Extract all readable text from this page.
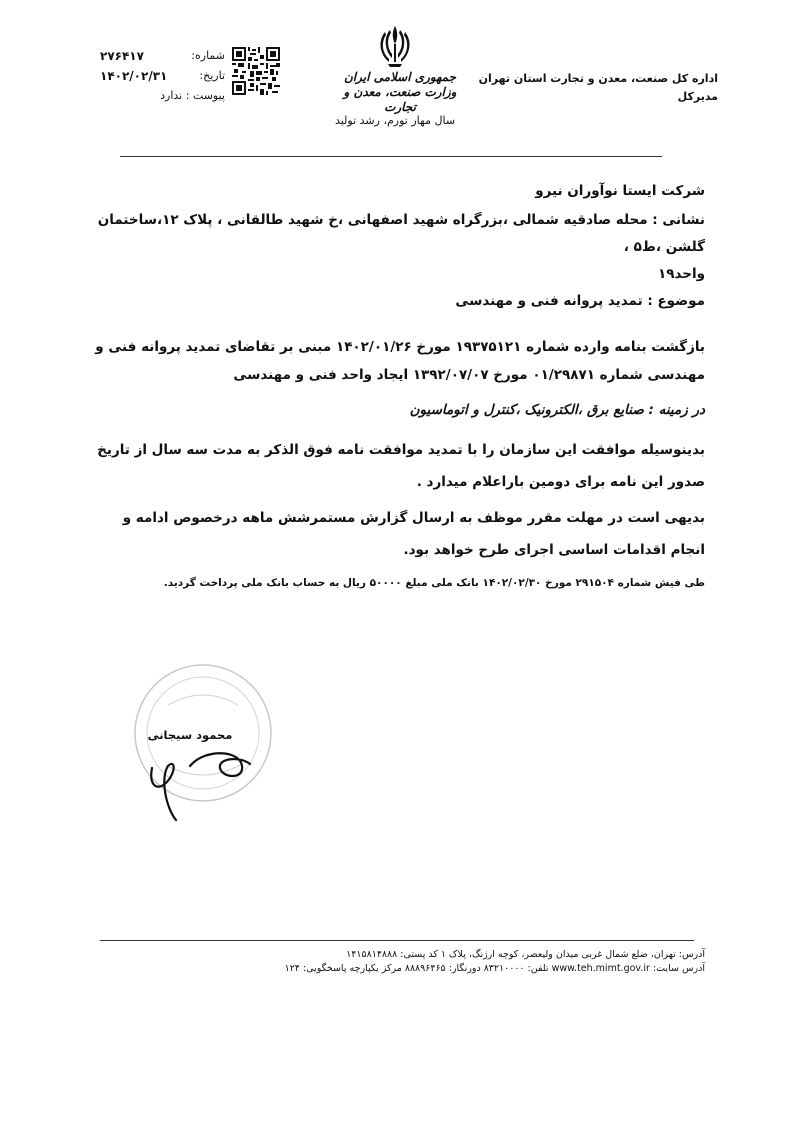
اداره کل صنعت، معدن و تجارت استان تهران
مدیرکل
جمهوری اسلامی ایران
وزارت صنعت، معدن و تجارت
سال مهار تورم، رشد تولید
شماره:
۲۷۶۴۱۷
تاریخ:
۱۴۰۲/۰۲/۳۱
پیوست : ندارد

شرکت ایستا نوآوران نیرو

نشانی : محله صادقیه شمالی ،بزرگراه شهید اصفهانی ،خ شهید طالقانی ، پلاک ۱۲،ساختمان گلشن ،ط۵ ،

واحد۱۹

موضوع : تمدید پروانه فنی و مهندسی

بازگشت بنامه وارده شماره ۱۹۳۷۵۱۲۱ مورخ ۱۴۰۲/۰۱/۲۶ مبنی بر تقاضای تمدید پروانه فنی و مهندسی شماره ۰۱/۲۹۸۷۱ مورخ ۱۳۹۲/۰۷/۰۷ ایجاد واحد فنی و مهندسی

در زمینه : صنایع برق ،الکترونیک ،کنترل و اتوماسیون

بدینوسیله موافقت این سازمان را با تمدید موافقت نامه فوق الذکر به مدت سه سال از تاریخ صدور این نامه برای دومین باراعلام میدارد .

بدیهی است در مهلت مقرر موظف به ارسال گزارش مستمرشش ماهه درخصوص ادامه و انجام اقدامات اساسی اجرای طرح خواهد بود.

طی فیش شماره ۲۹۱۵۰۴ مورخ ۱۴۰۲/۰۲/۳۰ بانک ملی مبلغ ۵۰۰۰۰ ریال به حساب بانک ملی پرداخت گردید.

محمود سیجانی
آدرس: تهران، ضلع شمال غربی میدان ولیعصر، کوچه ارژنگ، پلاک ۱ کد پستی: ۱۴۱۵۸۱۴۸۸۸
آدرس سایت: www.teh.mimt.gov.ir تلفن: ۸۳۲۱۰۰۰۰ دورنگار: ۸۸۸۹۶۴۶۵ مرکز یکپارچه پاسخگویی: ۱۲۴
